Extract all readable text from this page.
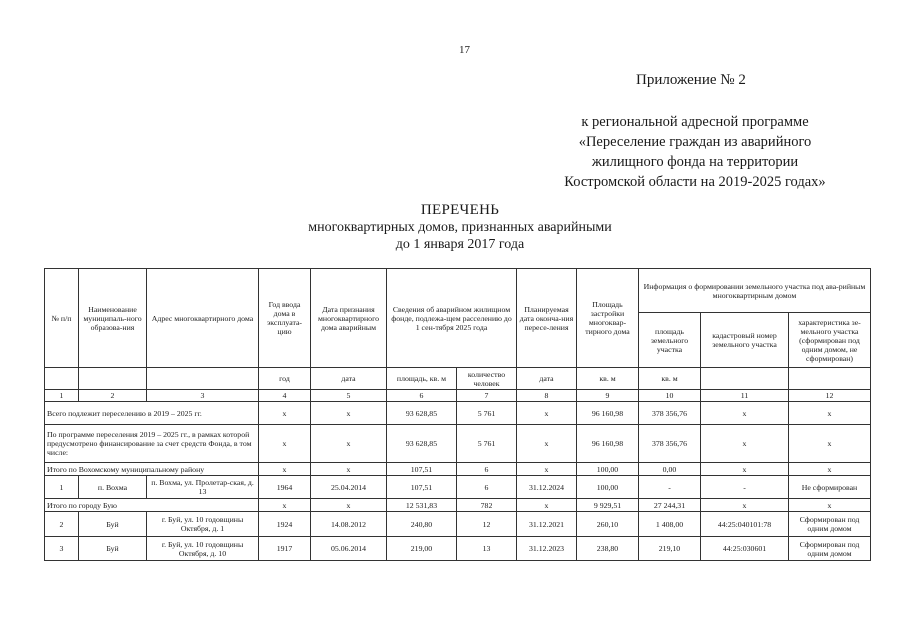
17
Приложение № 2
к региональной адресной программе
«Переселение граждан из аварийного
жилищного фонда на территории
Костромской области на 2019-2025 годах»
ПЕРЕЧЕНЬ
многоквартирных домов, признанных аварийными
до 1 января 2017 года
№ п/п	Наименование муниципаль-ного образова-ния	Адрес многоквартирного дома	Год ввода дома в эксплуата-цию	Дата признания многоквартирного дома аварийным	Сведения об аварийном жилищном фонде, подлежа-щем расселению до 1 сен-тября 2025 года		Планируемая дата оконча-ния пересе-ления	Площадь застройки многоквар-тирного дома	Информация о формировании земельного участка под ава-рийным многоквартирным домом		
									площадь земельного участка	кадастровый номер земельного участка	характеристика зе-мельного участка (сформирован под одним домом, не сформирован)
			год	дата	площадь, кв. м	количество человек	дата	кв. м	кв. м		
1	2	3	4	5	6	7	8	9	10	11	12
Всего подлежит переселению в 2019 – 2025 гг.			x	x	93 628,85	5 761	x	96 160,98	378 356,76	x	x
По программе переселения 2019 – 2025 гг., в рамках которой предусмотрено финансирование за счет средств Фонда, в том числе:			x	x	93 628,85	5 761	x	96 160,98	378 356,76	x	x
Итого по Вохомскому муниципальному району			x	x	107,51	6	x	100,00	0,00	x	x
1	п. Вохма	п. Вохма, ул. Пролетар-ская, д. 13	1964	25.04.2014	107,51	6	31.12.2024	100,00	-	-	Не сформирован
Итого по городу Бую			x	x	12 531,83	782	x	9 929,51	27 244,31	x	x
2	Буй	г. Буй, ул. 10 годовщины Октября, д. 1	1924	14.08.2012	240,80	12	31.12.2021	260,10	1 408,00	44:25:040101:78	Сформирован под одним домом
3	Буй	г. Буй, ул. 10 годовщины Октября, д. 10	1917	05.06.2014	219,00	13	31.12.2023	238,80	219,10	44:25:030601	Сформирован под одним домом
